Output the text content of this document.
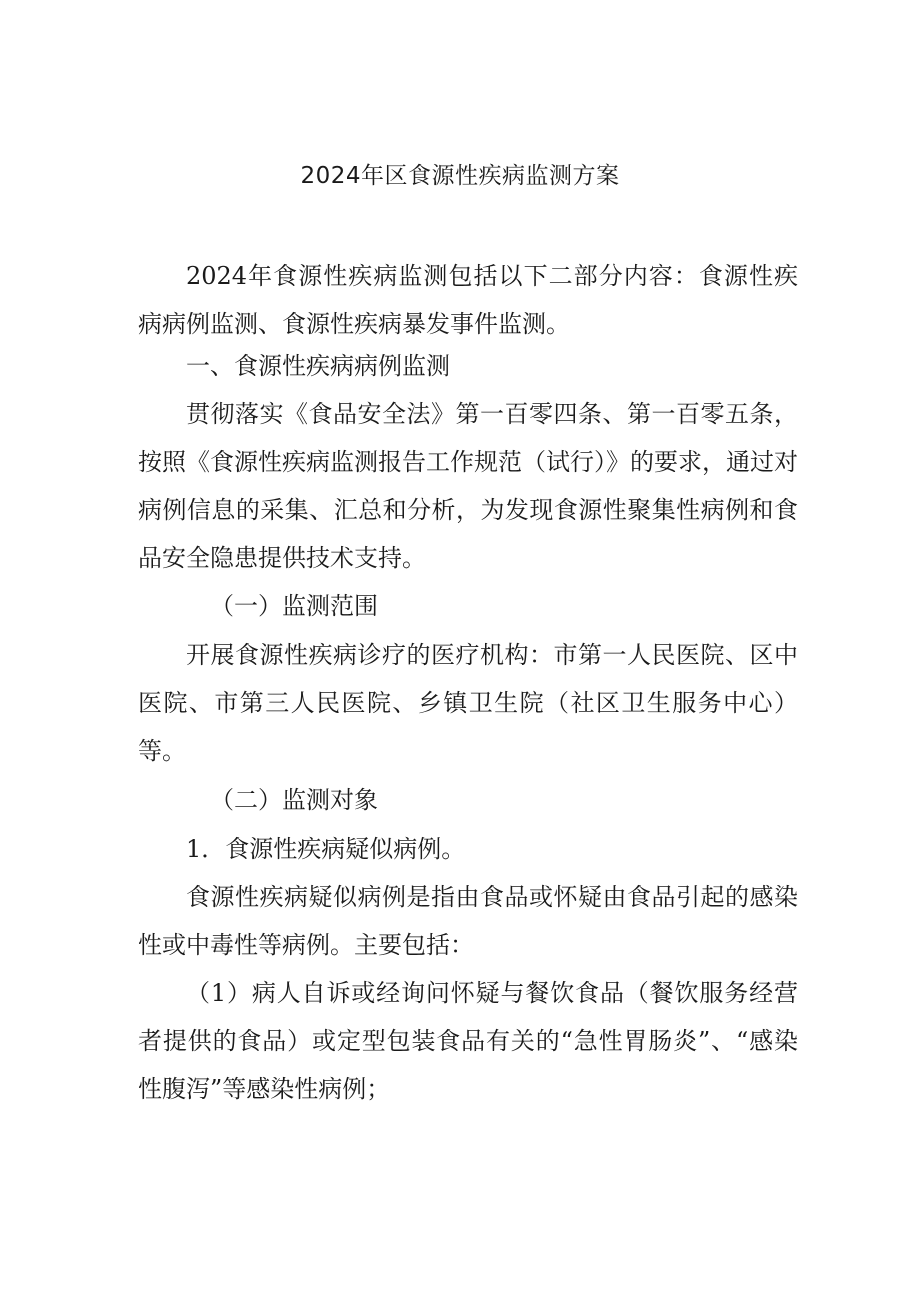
2024年区食源性疾病监测方案

2024年食源性疾病监测包括以下二部分内容：食源性疾病病例监测、食源性疾病暴发事件监测。

一、食源性疾病病例监测

贯彻落实《食品安全法》第一百零四条、第一百零五条，按照《食源性疾病监测报告工作规范（试行）》的要求，通过对病例信息的采集、汇总和分析，为发现食源性聚集性病例和食品安全隐患提供技术支持。

（一）监测范围

开展食源性疾病诊疗的医疗机构：市第一人民医院、区中医院、市第三人民医院、乡镇卫生院（社区卫生服务中心）等。

（二）监测对象

1．食源性疾病疑似病例。

食源性疾病疑似病例是指由食品或怀疑由食品引起的感染性或中毒性等病例。主要包括：

（1）病人自诉或经询问怀疑与餐饮食品（餐饮服务经营者提供的食品）或定型包装食品有关的“急性胃肠炎”、“感染性腹泻”等感染性病例；
